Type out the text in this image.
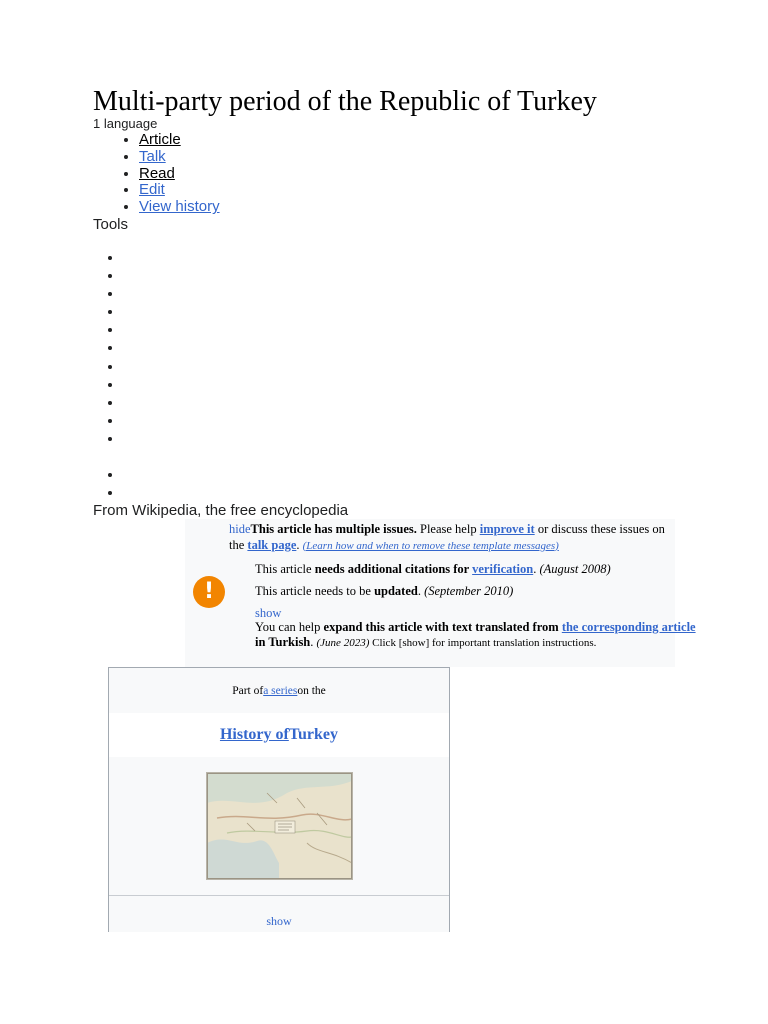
Multi-party period of the Republic of Turkey
1 language
• Article
• Talk
• Read
• Edit
• View history
Tools
From Wikipedia, the free encyclopedia
hideThis article has multiple issues. Please help improve it or discuss these issues on the talk page. (Learn how and when to remove these template messages)
!
This article needs additional citations for verification. (August 2008)
This article needs to be updated. (September 2010)
show
You can help expand this article with text translated from the corresponding article in Turkish. (June 2023) Click [show] for important translation instructions.
Part of a series on the
History of Turkey
show
